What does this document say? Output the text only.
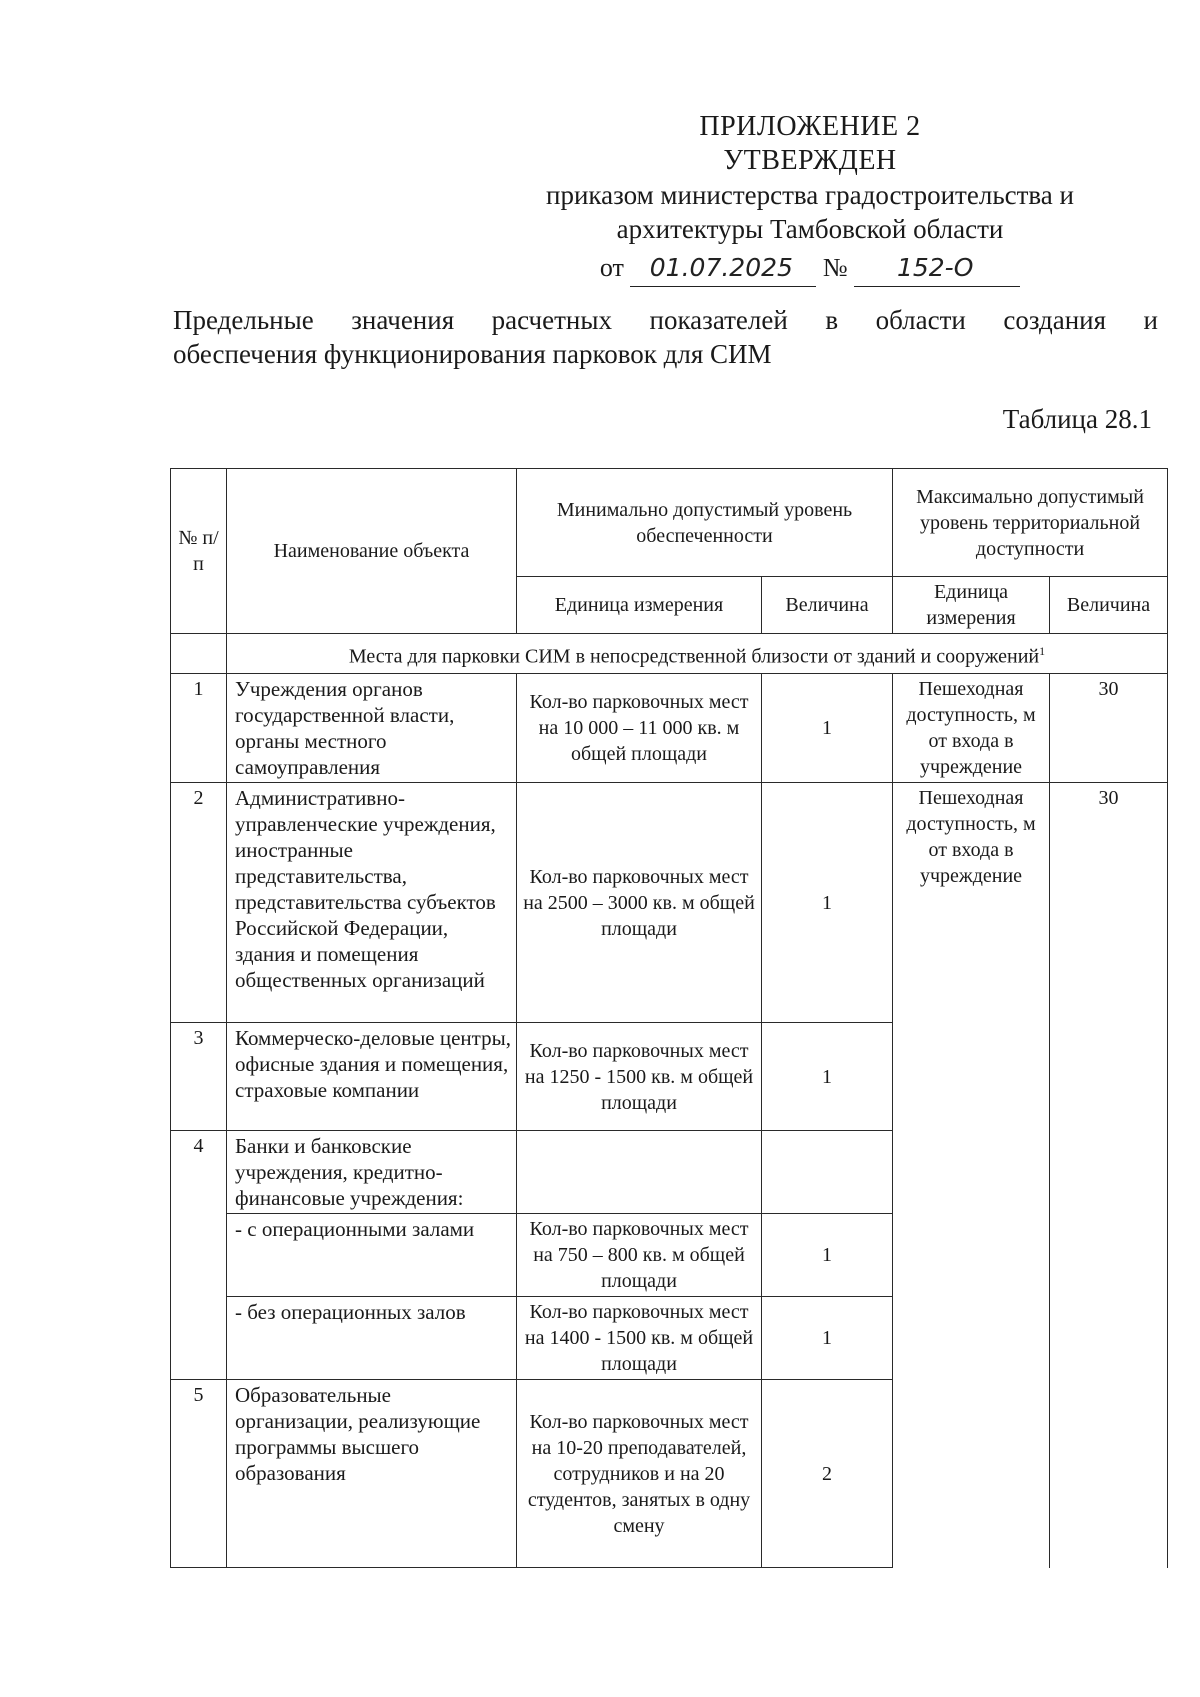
ПРИЛОЖЕНИЕ 2
УТВЕРЖДЕН
приказом министерства градостроительства и
архитектуры Тамбовской области
от 01.07.2025 № 152-О
Предельные значения расчетных показателей в области создания и
обеспечения функционирования парковок для СИМ
Таблица 28.1
№ п/п	Наименование объекта	Минимально допустимый уровень обеспеченности		Максимально допустимый уровень территориальной доступности	
		Единица измерения	Величина	Единица измерения	Величина
	Места для парковки СИМ в непосредственной близости от зданий и сооружений$^1$
1	Учреждения органов государственной власти, органы местного самоуправления	Кол-во парковочных мест на 10 000 – 11 000 кв. м общей площади	1	Пешеходная доступность, м от входа в учреждение	30
2	Административно-управленческие учреждения, иностранные представительства, представительства субъектов Российской Федерации, здания и помещения общественных организаций	Кол-во парковочных мест на 2500 – 3000 кв. м общей площади	1	Пешеходная доступность, м от входа в учреждение	30
3	Коммерческо-деловые центры, офисные здания и помещения, страховые компании	Кол-во парковочных мест на 1250 - 1500 кв. м общей площади	1		
4	Банки и банковские учреждения, кредитно-финансовые учреждения:				
	- с операционными залами	Кол-во парковочных мест на 750 – 800 кв. м общей площади	1		
	- без операционных залов	Кол-во парковочных мест на 1400 - 1500 кв. м общей площади	1		
5	Образовательные организации, реализующие программы высшего образования	Кол-во парковочных мест на 10-20 преподавателей, сотрудников и на 20 студентов, занятых в одну смену	2		
